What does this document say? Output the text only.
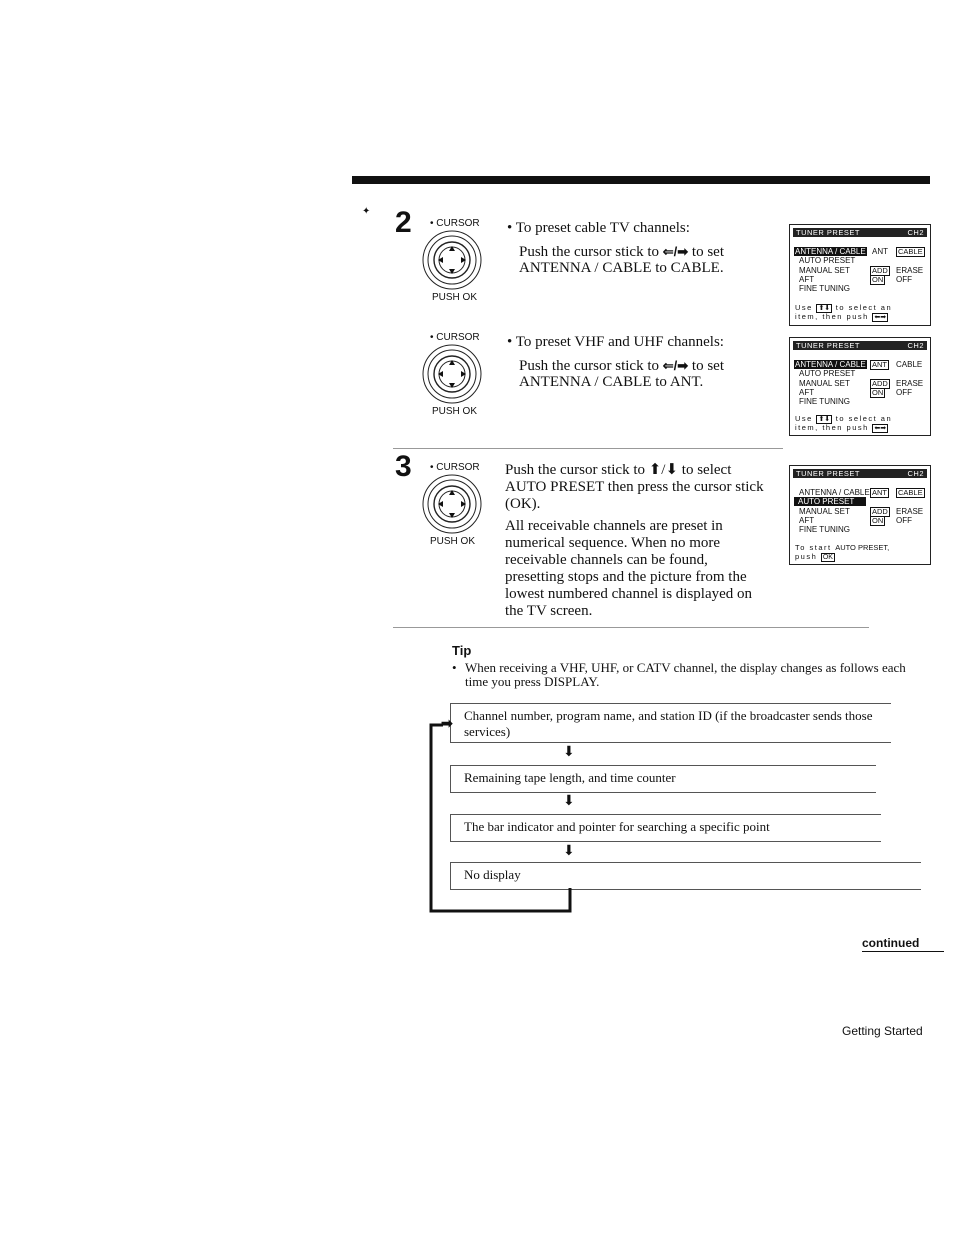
✦ 2 • CURSOR
PUSH OK
• To preset cable TV channels:
Push the cursor stick to ⇐/➡ to set
ANTENNA / CABLE to CABLE.
TUNER PRESET	CH2
ANTENNA / CABLE ANT CABLE
AUTO PRESET
MANUAL SET	ADD ERASE
AFT	ON OFF
FINE TUNING
Use ⬆⬇ to select an
item, then push ⬅➡
• CURSOR
PUSH OK
• To preset VHF and UHF channels:
Push the cursor stick to ⇐/➡ to set
ANTENNA / CABLE to ANT.
TUNER PRESET	CH2
ANTENNA / CABLE ANT CABLE
AUTO PRESET
MANUAL SET	ADD ERASE
AFT	ON OFF
FINE TUNING
Use ⬆⬇ to select an
item, then push ⬅➡
3 • CURSOR
PUSH OK
Push the cursor stick to ⬆/⬇ to select
AUTO PRESET then press the cursor stick
(OK).
All receivable channels are preset in
numerical sequence. When no more
receivable channels can be found,
presetting stops and the picture from the
lowest numbered channel is displayed on
the TV screen.
TUNER PRESET	CH2
ANTENNA / CABLE ANT CABLE
AUTO PRESET
MANUAL SET	ADD ERASE
AFT	ON OFF
FINE TUNING
To start AUTO PRESET,
push OK
Tip
• When receiving a VHF, UHF, or CATV channel, the display changes as follows each
time you press DISPLAY.
Channel number, program name, and station ID (if the broadcaster sends those
services)
⬇
Remaining tape length, and time counter
⬇
The bar indicator and pointer for searching a specific point
⬇
No display
➡
continued
Getting Started
